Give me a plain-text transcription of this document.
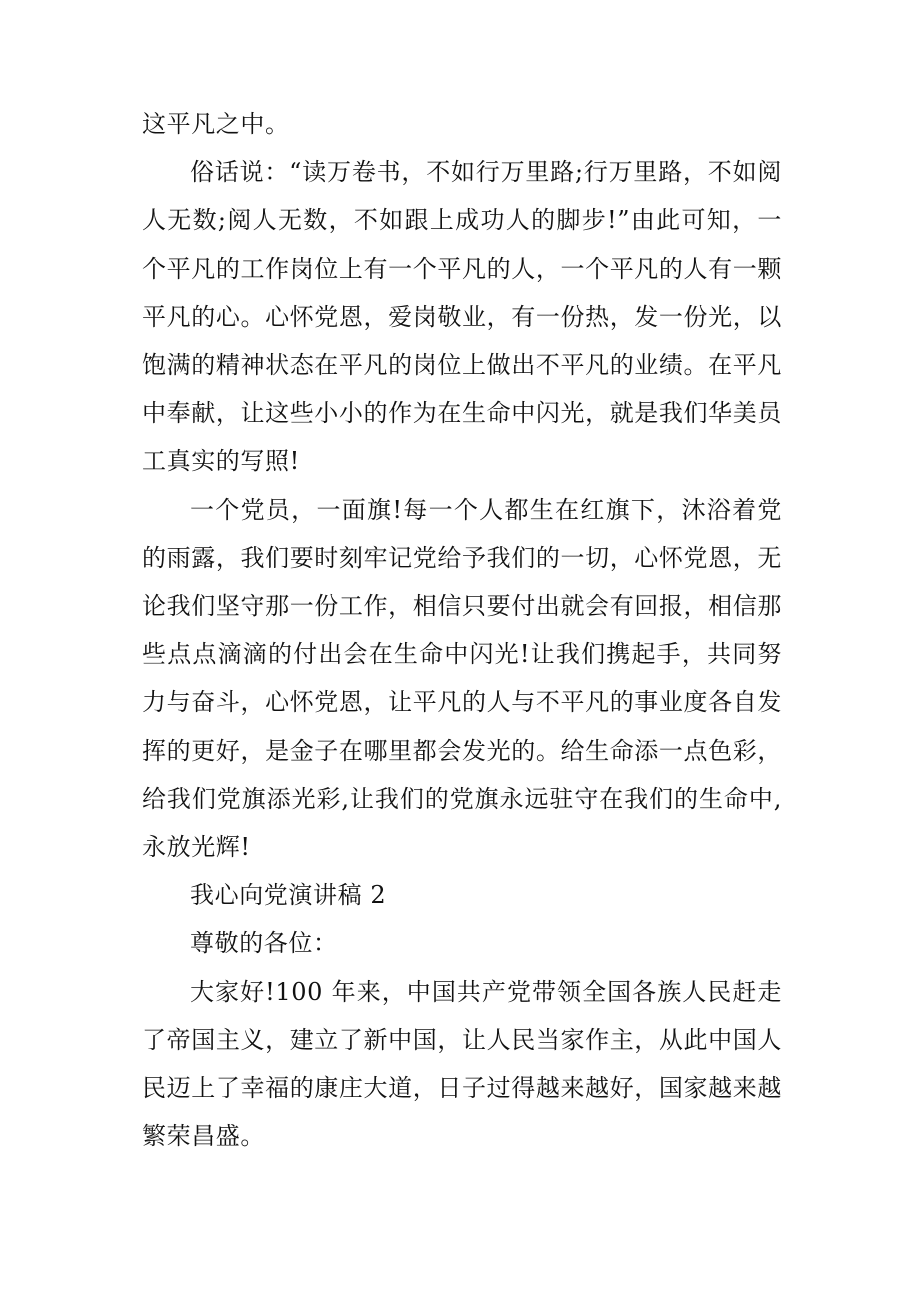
这平凡之中。

俗话说：“读万卷书，不如行万里路;行万里路，不如阅人无数;阅人无数，不如跟上成功人的脚步!”由此可知，一个平凡的工作岗位上有一个平凡的人，一个平凡的人有一颗平凡的心。心怀党恩，爱岗敬业，有一份热，发一份光，以饱满的精神状态在平凡的岗位上做出不平凡的业绩。在平凡中奉献，让这些小小的作为在生命中闪光，就是我们华美员工真实的写照!

一个党员，一面旗!每一个人都生在红旗下，沐浴着党的雨露，我们要时刻牢记党给予我们的一切，心怀党恩，无论我们坚守那一份工作，相信只要付出就会有回报，相信那些点点滴滴的付出会在生命中闪光!让我们携起手，共同努力与奋斗，心怀党恩，让平凡的人与不平凡的事业度各自发挥的更好，是金子在哪里都会发光的。给生命添一点色彩，给我们党旗添光彩,让我们的党旗永远驻守在我们的生命中,永放光辉!

我心向党演讲稿 2

尊敬的各位：

大家好!100 年来，中国共产党带领全国各族人民赶走了帝国主义，建立了新中国，让人民当家作主，从此中国人民迈上了幸福的康庄大道，日子过得越来越好，国家越来越繁荣昌盛。
